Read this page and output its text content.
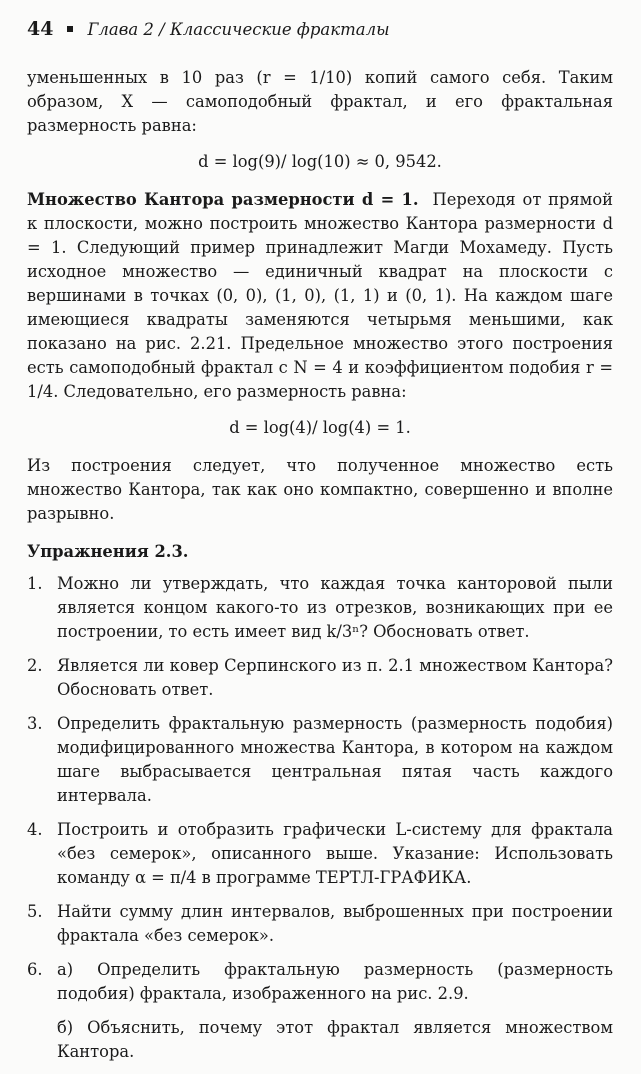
44 Глава 2 / Классические фракталы

уменьшенных в 10 раз (r = 1/10) копий самого себя. Таким образом, X — самоподобный фрактал, и его фрактальная размерность равна:

d = log(9)/ log(10) ≈ 0, 9542.

Множество Кантора размерности d = 1. Переходя от прямой к плоскости, можно построить множество Кантора размерности d = 1. Следующий пример принадлежит Магди Мохамеду. Пусть исходное множество — единичный квадрат на плоскости с вершинами в точках (0, 0), (1, 0), (1, 1) и (0, 1). На каждом шаге имеющиеся квадраты заменяются четырьмя меньшими, как показано на рис. 2.21. Предельное множество этого построения есть самоподобный фрактал с N = 4 и коэффициентом подобия r = 1/4. Следовательно, его размерность равна:

d = log(4)/ log(4) = 1.

Из построения следует, что полученное множество есть множество Кантора, так как оно компактно, совершенно и вполне разрывно.

Упражнения 2.3.
1. Можно ли утверждать, что каждая точка канторовой пыли является концом какого-то из отрезков, возникающих при ее построении, то есть имеет вид k/3ⁿ? Обосновать ответ.
2. Является ли ковер Серпинского из п. 2.1 множеством Кантора? Обосновать ответ.
3. Определить фрактальную размерность (размерность подобия) модифицированного множества Кантора, в котором на каждом шаге выбрасывается центральная пятая часть каждого интервала.
4. Построить и отобразить графически L-систему для фрактала «без семерок», описанного выше. Указание: Использовать команду α = π/4 в программе ТЕРТЛ-ГРАФИКА.
5. Найти сумму длин интервалов, выброшенных при построении фрактала «без семерок».
6. а) Определить фрактальную размерность (размерность подобия) фрактала, изображенного на рис. 2.9.
б) Объяснить, почему этот фрактал является множеством Кантора.
